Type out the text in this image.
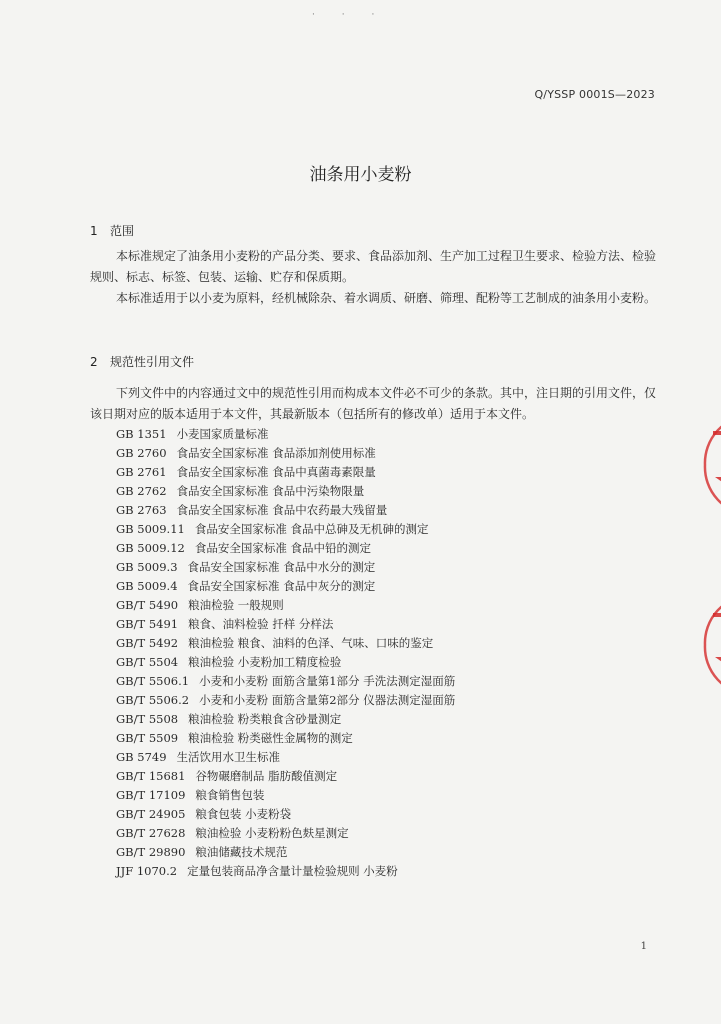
· · ·
Q/YSSP 0001S—2023
油条用小麦粉
1 范围

本标准规定了油条用小麦粉的产品分类、要求、食品添加剂、生产加工过程卫生要求、检验方法、检验规则、标志、标签、包装、运输、贮存和保质期。

本标准适用于以小麦为原料，经机械除杂、着水调质、研磨、筛理、配粉等工艺制成的油条用小麦粉。

2 规范性引用文件

下列文件中的内容通过文中的规范性引用而构成本文件必不可少的条款。其中，注日期的引用文件，仅该日期对应的版本适用于本文件，其最新版本（包括所有的修改单）适用于本文件。

GB 1351 小麦国家质量标准
GB 2760 食品安全国家标准 食品添加剂使用标准
GB 2761 食品安全国家标准 食品中真菌毒素限量
GB 2762 食品安全国家标准 食品中污染物限量
GB 2763 食品安全国家标准 食品中农药最大残留量
GB 5009.11 食品安全国家标准 食品中总砷及无机砷的测定
GB 5009.12 食品安全国家标准 食品中铅的测定
GB 5009.3 食品安全国家标准 食品中水分的测定
GB 5009.4 食品安全国家标准 食品中灰分的测定
GB/T 5490 粮油检验 一般规则
GB/T 5491 粮食、油料检验 扦样 分样法
GB/T 5492 粮油检验 粮食、油料的色泽、气味、口味的鉴定
GB/T 5504 粮油检验 小麦粉加工精度检验
GB/T 5506.1 小麦和小麦粉 面筋含量第1部分 手洗法测定湿面筋
GB/T 5506.2 小麦和小麦粉 面筋含量第2部分 仪器法测定湿面筋
GB/T 5508 粮油检验 粉类粮食含砂量测定
GB/T 5509 粮油检验 粉类磁性金属物的测定
GB 5749 生活饮用水卫生标准
GB/T 15681 谷物碾磨制品 脂肪酸值测定
GB/T 17109 粮食销售包装
GB/T 24905 粮食包装 小麦粉袋
GB/T 27628 粮油检验 小麦粉粉色麸星测定
GB/T 29890 粮油储藏技术规范
JJF 1070.2 定量包装商品净含量计量检验规则 小麦粉
1
